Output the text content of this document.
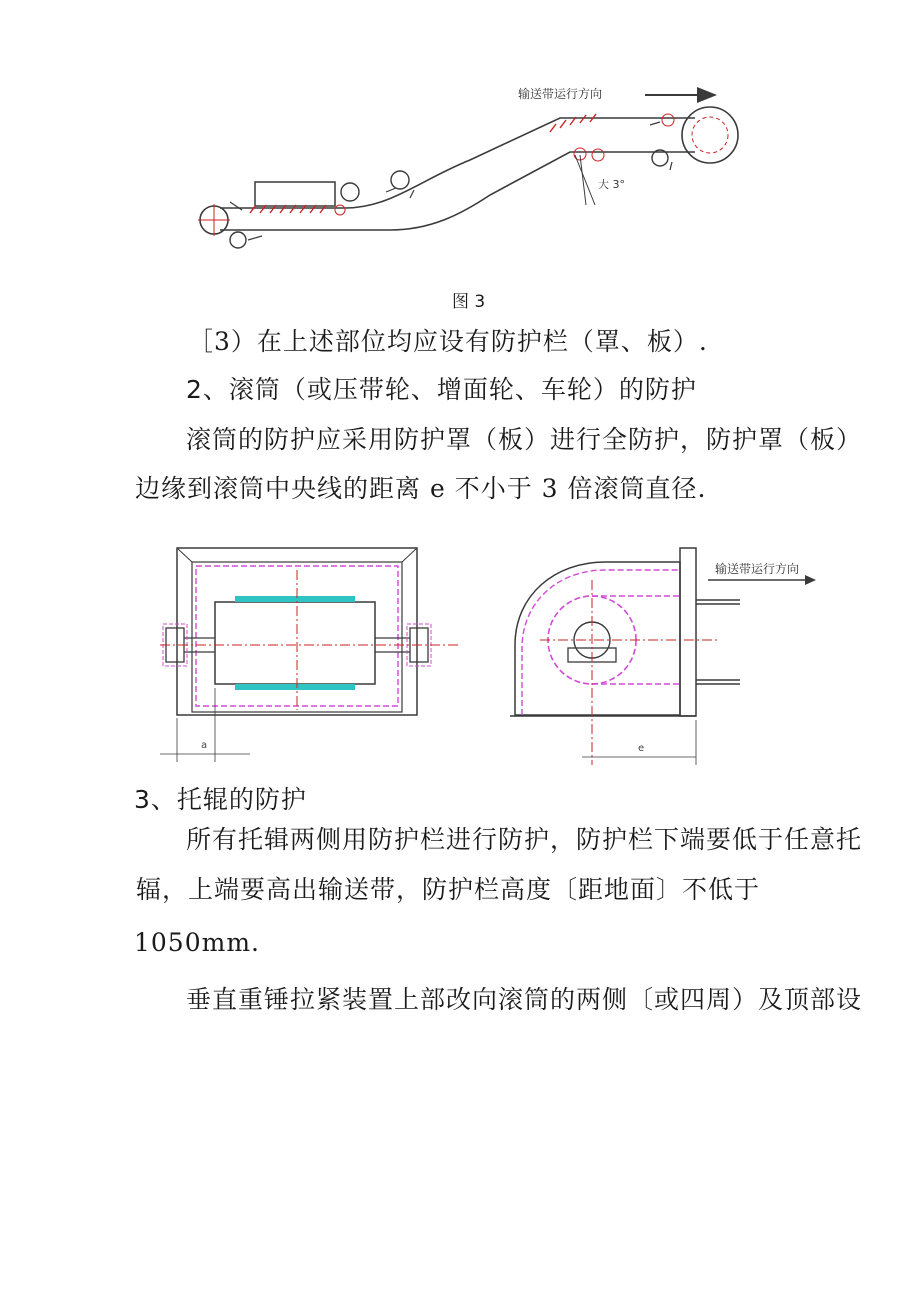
输送带运行方向
大 3°
图 3
［3）在上述部位均应设有防护栏（罩、板）.
2、滚筒（或压带轮、增面轮、车轮）的防护
滚筒的防护应采用防护罩（板）进行全防护，防护罩（板）
边缘到滚筒中央线的距离 e 不小于 3 倍滚筒直径.
a
输送带运行方向
e
3、托辊的防护
所有托辑两侧用防护栏进行防护，防护栏下端要低于任意托
辐，上端要高出输送带，防护栏高度〔距地面〕不低于
1050mm.
垂直重锤拉紧装置上部改向滚筒的两侧〔或四周）及顶部设
